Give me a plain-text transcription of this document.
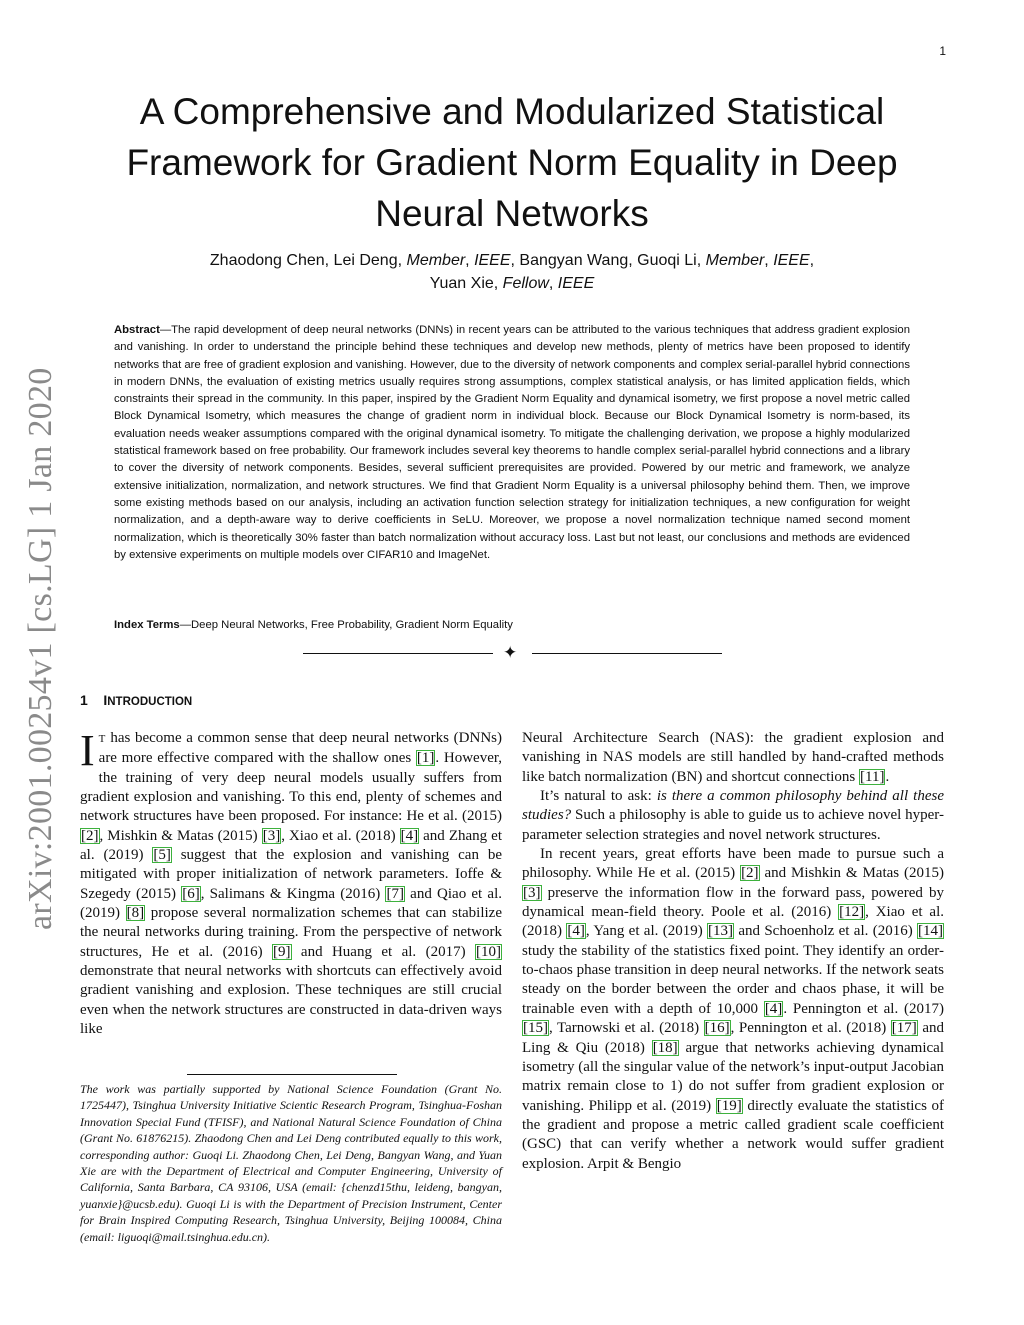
1
arXiv:2001.00254v1 [cs.LG] 1 Jan 2020
A Comprehensive and Modularized Statistical Framework for Gradient Norm Equality in Deep Neural Networks
Zhaodong Chen, Lei Deng, Member, IEEE, Bangyan Wang, Guoqi Li, Member, IEEE,
Yuan Xie, Fellow, IEEE

Abstract—The rapid development of deep neural networks (DNNs) in recent years can be attributed to the various techniques that address gradient explosion and vanishing. In order to understand the principle behind these techniques and develop new methods, plenty of metrics have been proposed to identify networks that are free of gradient explosion and vanishing. However, due to the diversity of network components and complex serial-parallel hybrid connections in modern DNNs, the evaluation of existing metrics usually requires strong assumptions, complex statistical analysis, or has limited application fields, which constraints their spread in the community. In this paper, inspired by the Gradient Norm Equality and dynamical isometry, we first propose a novel metric called Block Dynamical Isometry, which measures the change of gradient norm in individual block. Because our Block Dynamical Isometry is norm-based, its evaluation needs weaker assumptions compared with the original dynamical isometry. To mitigate the challenging derivation, we propose a highly modularized statistical framework based on free probability. Our framework includes several key theorems to handle complex serial-parallel hybrid connections and a library to cover the diversity of network components. Besides, several sufficient prerequisites are provided. Powered by our metric and framework, we analyze extensive initialization, normalization, and network structures. We find that Gradient Norm Equality is a universal philosophy behind them. Then, we improve some existing methods based on our analysis, including an activation function selection strategy for initialization techniques, a new configuration for weight normalization, and a depth-aware way to derive coefficients in SeLU. Moreover, we propose a novel normalization technique named second moment normalization, which is theoretically 30% faster than batch normalization without accuracy loss. Last but not least, our conclusions and methods are evidenced by extensive experiments on multiple models over CIFAR10 and ImageNet.

Index Terms—Deep Neural Networks, Free Probability, Gradient Norm Equality
✦
1 INTRODUCTION

I T has become a common sense that deep neural networks (DNNs) are more effective compared with the shallow ones [1]. However, the training of very deep neural models usually suffers from gradient explosion and vanishing. To this end, plenty of schemes and network structures have been proposed. For instance: He et al. (2015) [2], Mishkin & Matas (2015) [3], Xiao et al. (2018) [4] and Zhang et al. (2019) [5] suggest that the explosion and vanishing can be mitigated with proper initialization of network parameters. Ioffe & Szegedy (2015) [6], Salimans & Kingma (2016) [7] and Qiao et al. (2019) [8] propose several normalization schemes that can stabilize the neural networks during training. From the perspective of network structures, He et al. (2016) [9] and Huang et al. (2017) [10] demonstrate that neural networks with shortcuts can effectively avoid gradient vanishing and explosion. These techniques are still crucial even when the network structures are constructed in data-driven ways like

Neural Architecture Search (NAS): the gradient explosion and vanishing in NAS models are still handled by hand-crafted methods like batch normalization (BN) and shortcut connections [11].

It’s natural to ask: is there a common philosophy behind all these studies? Such a philosophy is able to guide us to achieve novel hyper-parameter selection strategies and novel network structures.

In recent years, great efforts have been made to pursue such a philosophy. While He et al. (2015) [2] and Mishkin & Matas (2015) [3] preserve the information flow in the forward pass, powered by dynamical mean-field theory. Poole et al. (2016) [12], Xiao et al. (2018) [4], Yang et al. (2019) [13] and Schoenholz et al. (2016) [14] study the stability of the statistics fixed point. They identify an order-to-chaos phase transition in deep neural networks. If the network seats steady on the border between the order and chaos phase, it will be trainable even with a depth of 10,000 [4]. Pennington et al. (2017) [15], Tarnowski et al. (2018) [16], Pennington et al. (2018) [17] and Ling & Qiu (2018) [18] argue that networks achieving dynamical isometry (all the singular value of the network’s input-output Jacobian matrix remain close to 1) do not suffer from gradient explosion or vanishing. Philipp et al. (2019) [19] directly evaluate the statistics of the gradient and propose a metric called gradient scale coefficient (GSC) that can verify whether a network would suffer gradient explosion. Arpit & Bengio

The work was partially supported by National Science Foundation (Grant No. 1725447), Tsinghua University Initiative Scientic Research Program, Tsinghua-Foshan Innovation Special Fund (TFISF), and National Natural Science Foundation of China (Grant No. 61876215). Zhaodong Chen and Lei Deng contributed equally to this work, corresponding author: Guoqi Li. Zhaodong Chen, Lei Deng, Bangyan Wang, and Yuan Xie are with the Department of Electrical and Computer Engineering, University of California, Santa Barbara, CA 93106, USA (email: {chenzd15thu, leideng, bangyan, yuanxie}@ucsb.edu). Guoqi Li is with the Department of Precision Instrument, Center for Brain Inspired Computing Research, Tsinghua University, Beijing 100084, China (email: liguoqi@mail.tsinghua.edu.cn).
